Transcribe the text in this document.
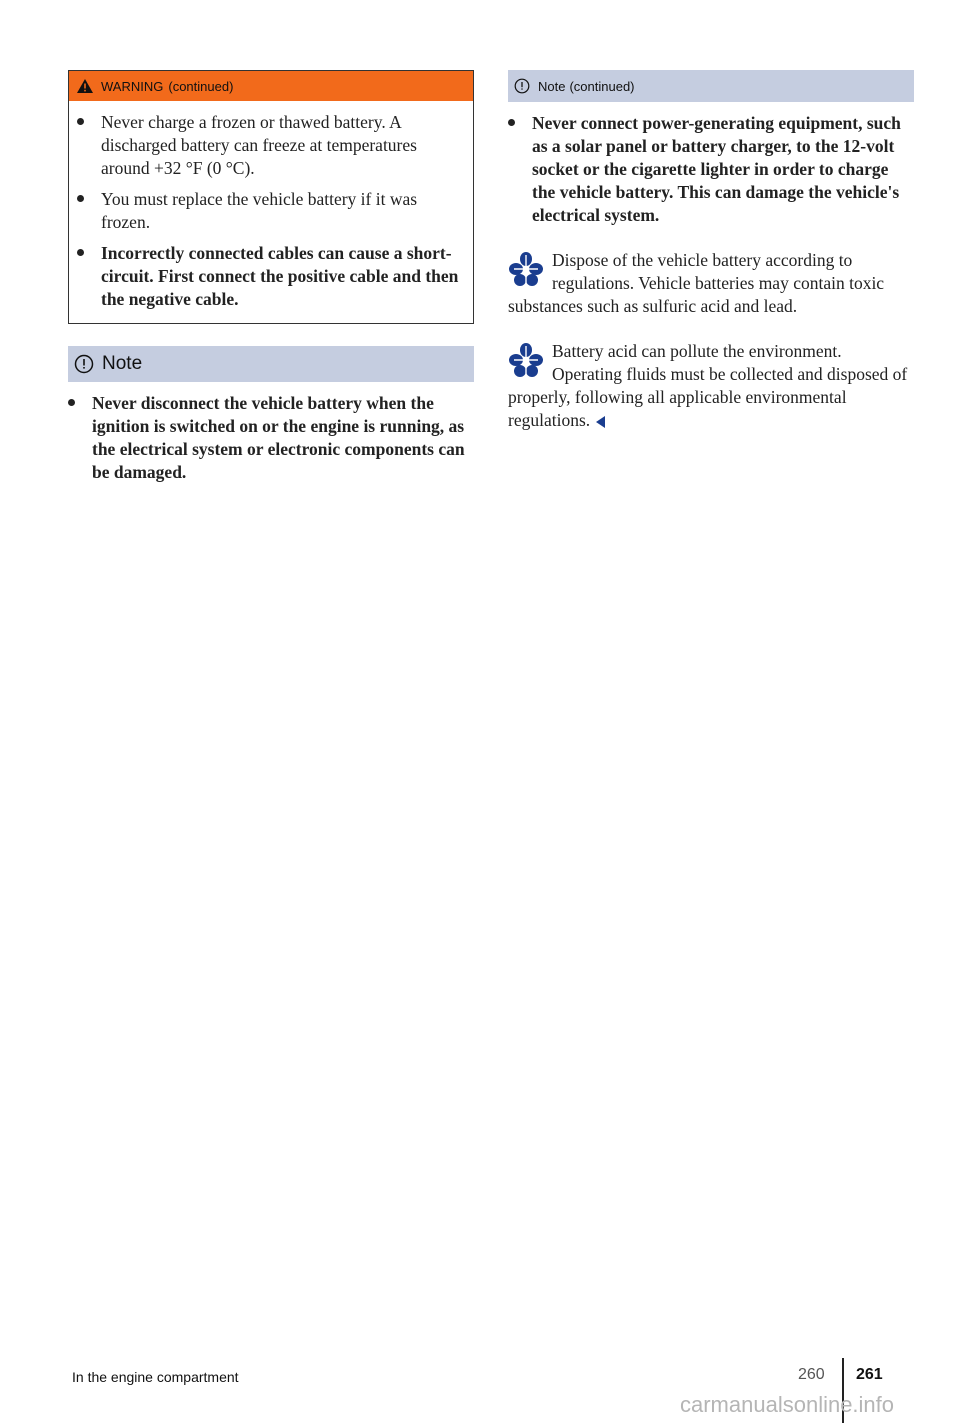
WARNING (continued)

Never charge a frozen or thawed battery. A discharged battery can freeze at temperatures around +32 °F (0 °C).

You must replace the vehicle battery if it was frozen.

Incorrectly connected cables can cause a short-circuit. First connect the positive cable and then the negative cable.

Note

Never disconnect the vehicle battery when the ignition is switched on or the engine is running, as the electrical system or electronic components can be damaged.

Note (continued)

Never connect power-generating equipment, such as a solar panel or battery charger, to the 12-volt socket or the cigarette lighter in order to charge the vehicle battery. This can damage the vehicle's electrical system.

Dispose of the vehicle battery according to regulations. Vehicle batteries may contain toxic substances such as sulfuric acid and lead.
Battery acid can pollute the environment. Operating fluids must be collected and disposed of properly, following all applicable environmental regulations.
In the engine compartment	260 261
carmanualsonline.info
